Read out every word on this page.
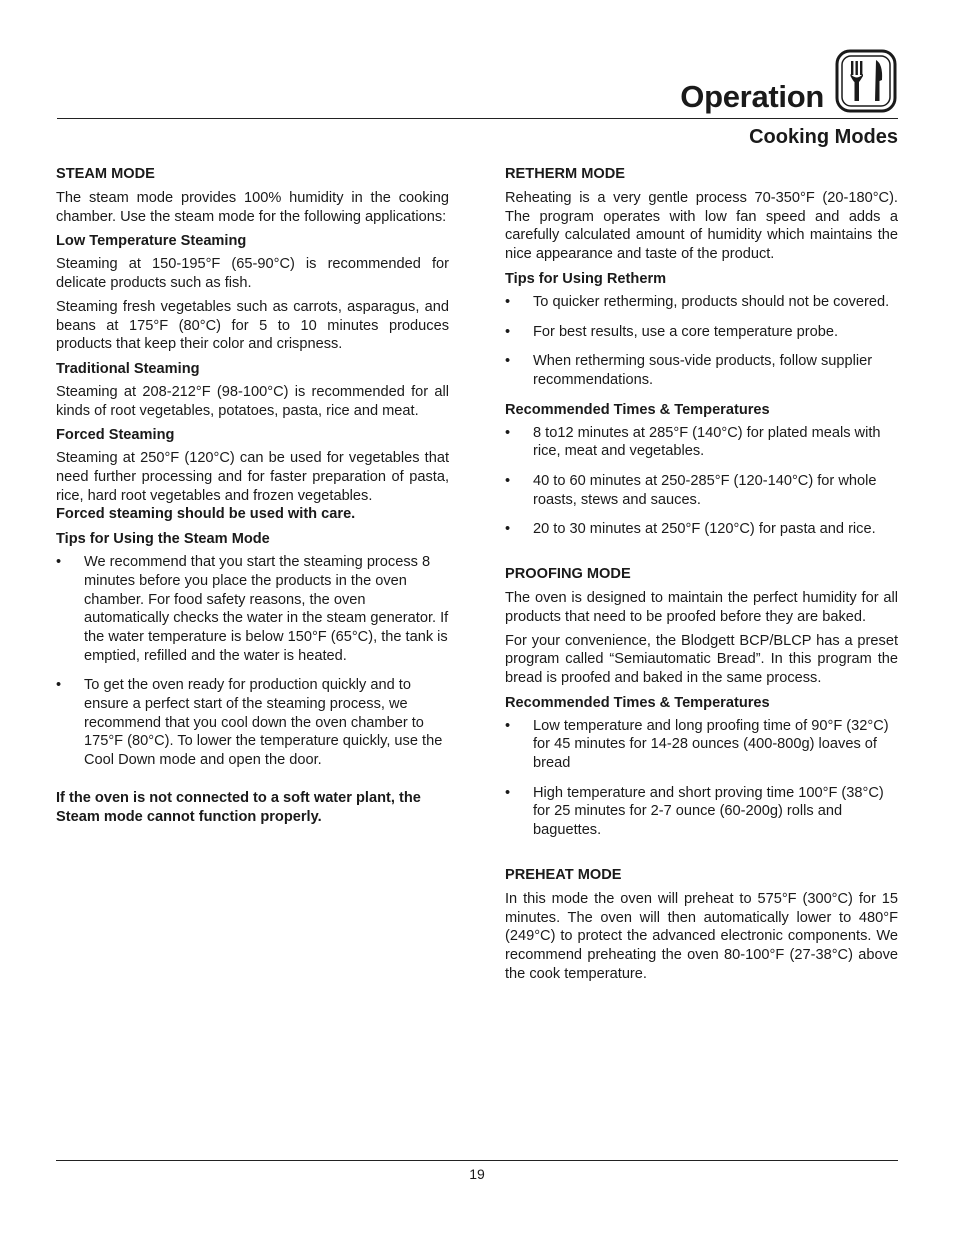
Operation
Cooking Modes
STEAM MODE

The steam mode provides 100% humidity in the cooking chamber. Use the steam mode for the following applications:

Low Temperature Steaming

Steaming at 150-195°F (65-90°C) is recommended for delicate products such as fish.

Steaming fresh vegetables such as carrots, asparagus, and beans at 175°F (80°C) for 5 to 10 minutes produces products that keep their color and crispness.

Traditional Steaming

Steaming at 208-212°F (98-100°C) is recommended for all kinds of root vegetables, potatoes, pasta, rice and meat.

Forced Steaming

Steaming at 250°F (120°C) can be used for vegetables that need further processing and for faster preparation of pasta, rice, hard root vegetables and frozen vegetables.

Forced steaming should be used with care.

Tips for Using the Steam Mode
• We recommend that you start the steaming process 8 minutes before you place the products in the oven chamber. For food safety reasons, the oven automatically checks the water in the steam generator. If the water temperature is below 150°F (65°C), the tank is emptied, refilled and the water is heated.
• To get the oven ready for production quickly and to ensure a perfect start of the steaming process, we recommend that you cool down the oven chamber to 175°F (80°C). To lower the temperature quickly, use the Cool Down mode and open the door.

If the oven is not connected to a soft water plant, the Steam mode cannot function properly.

RETHERM MODE

Reheating is a very gentle process 70-350°F (20-180°C). The program operates with low fan speed and adds a carefully calculated amount of humidity which maintains the nice appearance and taste of the product.

Tips for Using Retherm
• To quicker retherming, products should not be covered.
• For best results, use a core temperature probe.
• When retherming sous-vide products, follow supplier recommendations.
Recommended Times & Temperatures
• 8 to12 minutes at 285°F (140°C) for plated meals with rice, meat and vegetables.
• 40 to 60 minutes at 250-285°F (120-140°C) for whole roasts, stews and sauces.
• 20 to 30 minutes at 250°F (120°C) for pasta and rice.
PROOFING MODE

The oven is designed to maintain the perfect humidity for all products that need to be proofed before they are baked.

For your convenience, the Blodgett BCP/BLCP has a preset program called “Semiautomatic Bread”. In this program the bread is proofed and baked in the same process.

Recommended Times & Temperatures
• Low temperature and long proofing time of 90°F (32°C) for 45 minutes for 14-28 ounces (400-800g) loaves of bread
• High temperature and short proving time 100°F (38°C) for 25 minutes for 2-7 ounce (60-200g) rolls and baguettes.
PREHEAT MODE

In this mode the oven will preheat to 575°F (300°C) for 15 minutes. The oven will then automatically lower to 480°F (249°C) to protect the advanced electronic components. We recommend preheating the oven 80-100°F (27-38°C) above the cook temperature.

19
